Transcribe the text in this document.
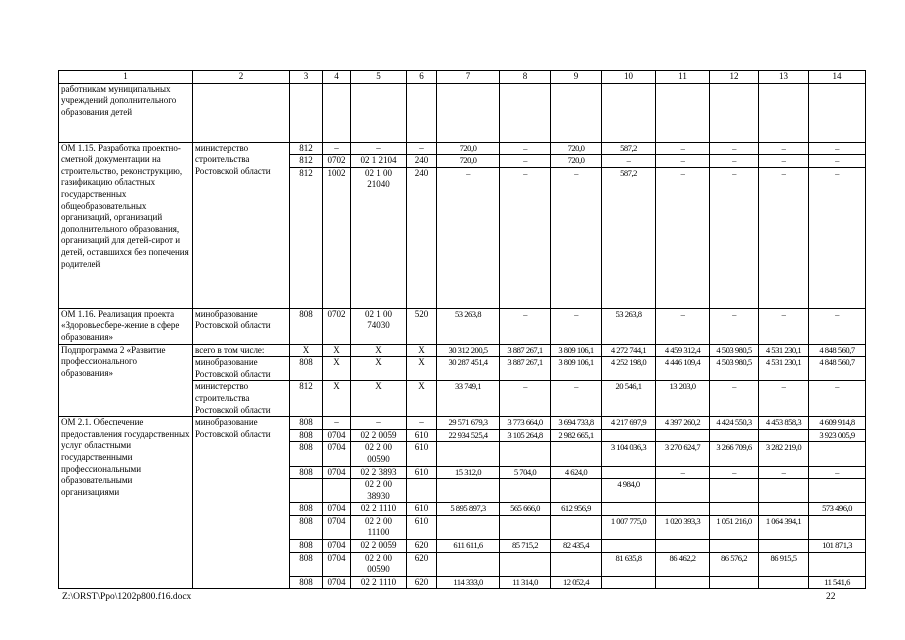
1	2	3	4	5	6	7	8	9	10	11	12	13	14
работникам муниципальных учреждений дополнительного образования детей													
ОМ 1.15. Разработка проектно-сметной документации на строительство, реконструкцию, газификацию областных государственных общеобразовательных организаций, организаций дополнительного образования, организаций для детей-сирот и детей, оставшихся без попечения родителей	министерство строительства Ростовской области	812	–	–	–	720,0	–	720,0	587,2	–	–	–	–
		812	0702	02 1 2104	240	720,0	–	720,0	–	–	–	–	–
		812	1002	02 1 00 21040	240	–	–	–	587,2	–	–	–	–
ОМ 1.16. Реализация проекта «Здоровьесбере-жение в сфере образования»	минобразование Ростовской области	808	0702	02 1 00 74030	520	53 263,8	–	–	53 263,8	–	–	–	–
Подпрограмма 2 «Развитие профессионального образования»	всего в том числе:	X	X	X	X	30 312 200,5	3 887 267,1	3 809 106,1	4 272 744,1	4 459 312,4	4 503 980,5	4 531 230,1	4 848 560,7
	минобразование Ростовской области	808	X	X	X	30 287 451,4	3 887 267,1	3 809 106,1	4 252 198,0	4 446 109,4	4 503 980,5	4 531 230,1	4 848 560,7
	министерство строительства Ростовской области	812	X	X	X	33 749,1	–	–	20 546,1	13 203,0	–	–	–
ОМ 2.1. Обеспечение предоставления государственных услуг областными государственными профессиональными образовательными организациями	минобразование Ростовской области	808	–	–	–	29 571 679,3	3 773 664,0	3 694 733,8	4 217 697,9	4 397 260,2	4 424 550,3	4 453 858,3	4 609 914,8
		808	0704	02 2 0059	610	22 934 525,4	3 105 264,8	2 982 665,1					3 923 005,9
		808	0704	02 2 00 00590	610				3 104 036,3	3 270 624,7	3 266 709,6	3 282 219,0	
		808	0704	02 2 3893	610	15 312,0	5 704,0	4 624,0		–	–	–	–
				02 2 00 38930					4 984,0				
		808	0704	02 2 1110	610	5 895 897,3	565 666,0	612 956,9					573 496,0
		808	0704	02 2 00 11100	610				1 007 775,0	1 020 393,3	1 051 216,0	1 064 394,1	
		808	0704	02 2 0059	620	611 611,6	85 715,2	82 435,4					101 871,3
		808	0704	02 2 00 00590	620				81 635,8	86 462,2	86 576,2	86 915,5	
		808	0704	02 2 1110	620	114 333,0	11 314,0	12 052,4					11 541,6
Z:\ORST\Ppo\1202p800.f16.docx	22
